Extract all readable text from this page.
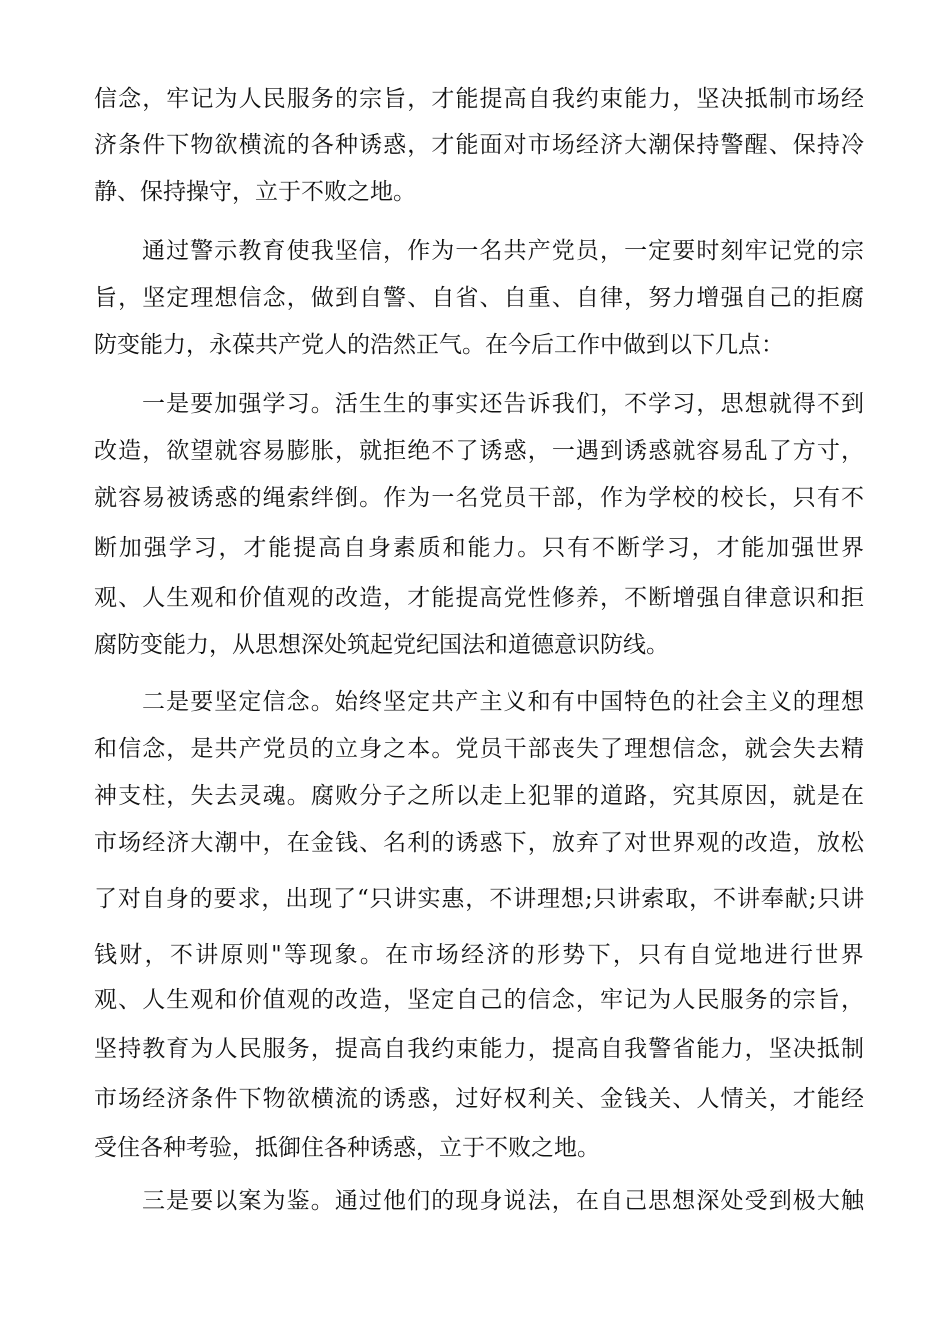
信念，牢记为人民服务的宗旨，才能提高自我约束能力，坚决抵制市场经
济条件下物欲横流的各种诱惑，才能面对市场经济大潮保持警醒、保持冷
静、保持操守，立于不败之地。
通过警示教育使我坚信，作为一名共产党员，一定要时刻牢记党的宗
旨，坚定理想信念，做到自警、自省、自重、自律，努力增强自己的拒腐
防变能力，永葆共产党人的浩然正气。在今后工作中做到以下几点：
一是要加强学习。活生生的事实还告诉我们，不学习，思想就得不到
改造，欲望就容易膨胀，就拒绝不了诱惑，一遇到诱惑就容易乱了方寸，
就容易被诱惑的绳索绊倒。作为一名党员干部，作为学校的校长，只有不
断加强学习，才能提高自身素质和能力。只有不断学习，才能加强世界
观、人生观和价值观的改造，才能提高党性修养，不断增强自律意识和拒
腐防变能力，从思想深处筑起党纪国法和道德意识防线。
二是要坚定信念。始终坚定共产主义和有中国特色的社会主义的理想
和信念，是共产党员的立身之本。党员干部丧失了理想信念，就会失去精
神支柱，失去灵魂。腐败分子之所以走上犯罪的道路，究其原因，就是在
市场经济大潮中，在金钱、名利的诱惑下，放弃了对世界观的改造，放松
了对自身的要求，出现了“只讲实惠，不讲理想;只讲索取，不讲奉献;只讲
钱财，不讲原则"等现象。在市场经济的形势下，只有自觉地进行世界
观、人生观和价值观的改造，坚定自己的信念，牢记为人民服务的宗旨，
坚持教育为人民服务，提高自我约束能力，提高自我警省能力，坚决抵制
市场经济条件下物欲横流的诱惑，过好权利关、金钱关、人情关，才能经
受住各种考验，抵御住各种诱惑，立于不败之地。
三是要以案为鉴。通过他们的现身说法，在自己思想深处受到极大触
